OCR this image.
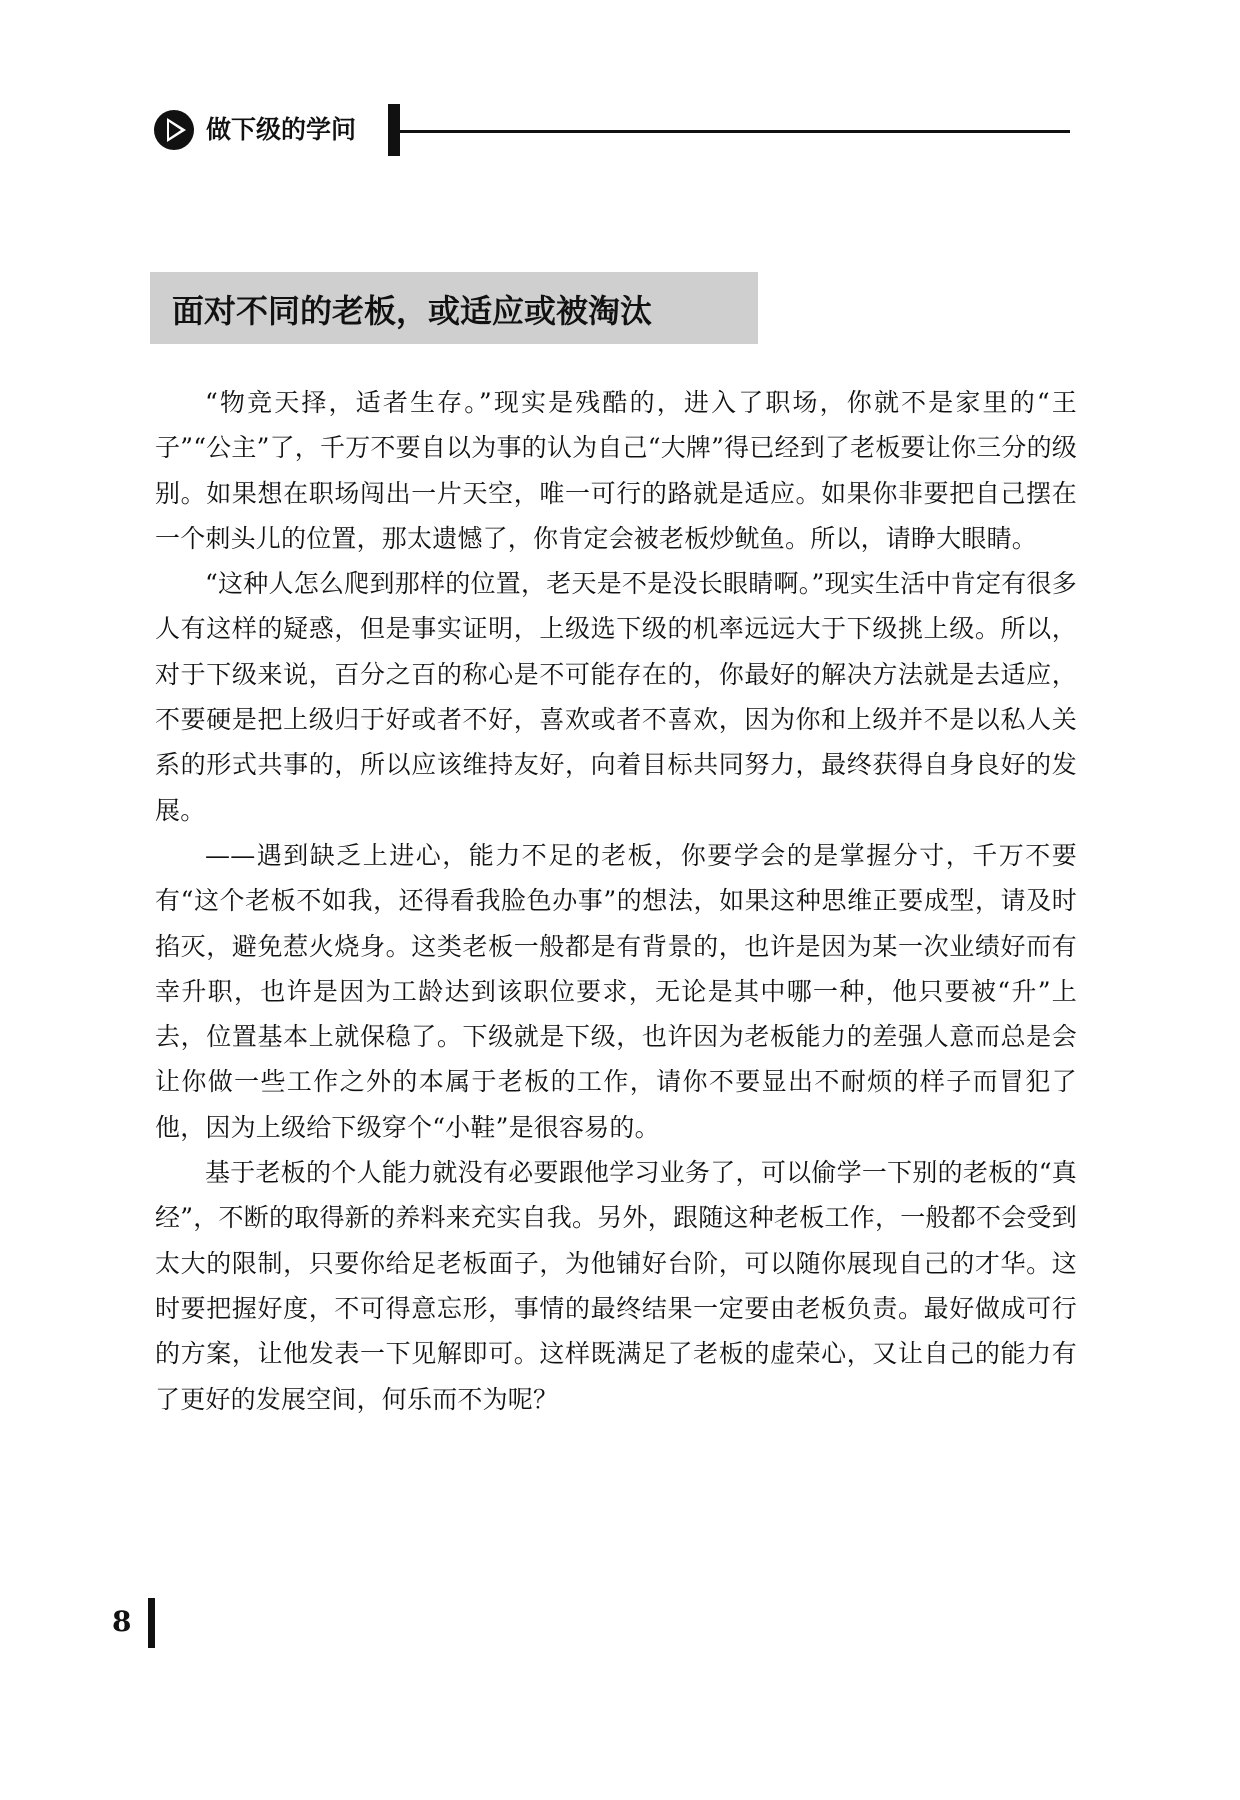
做下级的学问
面对不同的老板，或适应或被淘汰

“物竞天择，适者生存。”现实是残酷的，进入了职场，你就不是家里的“王子”“公主”了，千万不要自以为事的认为自己“大牌”得已经到了老板要让你三分的级别。如果想在职场闯出一片天空，唯一可行的路就是适应。如果你非要把自己摆在一个刺头儿的位置，那太遗憾了，你肯定会被老板炒鱿鱼。所以，请睁大眼睛。

“这种人怎么爬到那样的位置，老天是不是没长眼睛啊。”现实生活中肯定有很多人有这样的疑惑，但是事实证明，上级选下级的机率远远大于下级挑上级。所以，对于下级来说，百分之百的称心是不可能存在的，你最好的解决方法就是去适应，不要硬是把上级归于好或者不好，喜欢或者不喜欢，因为你和上级并不是以私人关系的形式共事的，所以应该维持友好，向着目标共同努力，最终获得自身良好的发展。

——遇到缺乏上进心，能力不足的老板，你要学会的是掌握分寸，千万不要有“这个老板不如我，还得看我脸色办事”的想法，如果这种思维正要成型，请及时掐灭，避免惹火烧身。这类老板一般都是有背景的，也许是因为某一次业绩好而有幸升职，也许是因为工龄达到该职位要求，无论是其中哪一种，他只要被“升”上去，位置基本上就保稳了。下级就是下级，也许因为老板能力的差强人意而总是会让你做一些工作之外的本属于老板的工作，请你不要显出不耐烦的样子而冒犯了他，因为上级给下级穿个“小鞋”是很容易的。

基于老板的个人能力就没有必要跟他学习业务了，可以偷学一下别的老板的“真经”，不断的取得新的养料来充实自我。另外，跟随这种老板工作，一般都不会受到太大的限制，只要你给足老板面子，为他铺好台阶，可以随你展现自己的才华。这时要把握好度，不可得意忘形，事情的最终结果一定要由老板负责。最好做成可行的方案，让他发表一下见解即可。这样既满足了老板的虚荣心，又让自己的能力有了更好的发展空间，何乐而不为呢？

8
